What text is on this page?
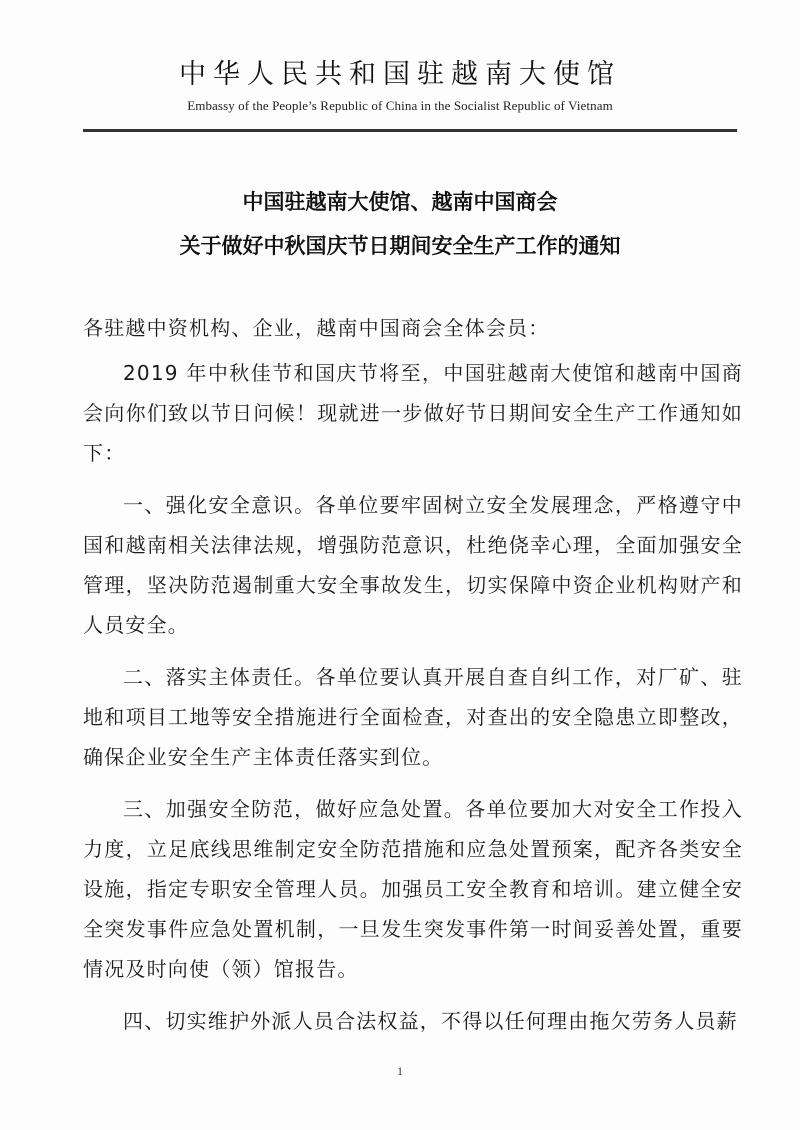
中华人民共和国驻越南大使馆
Embassy of the People’s Republic of China in the Socialist Republic of Vietnam
中国驻越南大使馆、越南中国商会
关于做好中秋国庆节日期间安全生产工作的通知

各驻越中资机构、企业，越南中国商会全体会员：

2019 年中秋佳节和国庆节将至，中国驻越南大使馆和越南中国商会向你们致以节日问候！现就进一步做好节日期间安全生产工作通知如下：

一、强化安全意识。各单位要牢固树立安全发展理念，严格遵守中国和越南相关法律法规，增强防范意识，杜绝侥幸心理，全面加强安全管理，坚决防范遏制重大安全事故发生，切实保障中资企业机构财产和人员安全。

二、落实主体责任。各单位要认真开展自查自纠工作，对厂矿、驻地和项目工地等安全措施进行全面检查，对查出的安全隐患立即整改，确保企业安全生产主体责任落实到位。

三、加强安全防范，做好应急处置。各单位要加大对安全工作投入力度，立足底线思维制定安全防范措施和应急处置预案，配齐各类安全设施，指定专职安全管理人员。加强员工安全教育和培训。建立健全安全突发事件应急处置机制，一旦发生突发事件第一时间妥善处置，重要情况及时向使（领）馆报告。

四、切实维护外派人员合法权益，不得以任何理由拖欠劳务人员薪

1
